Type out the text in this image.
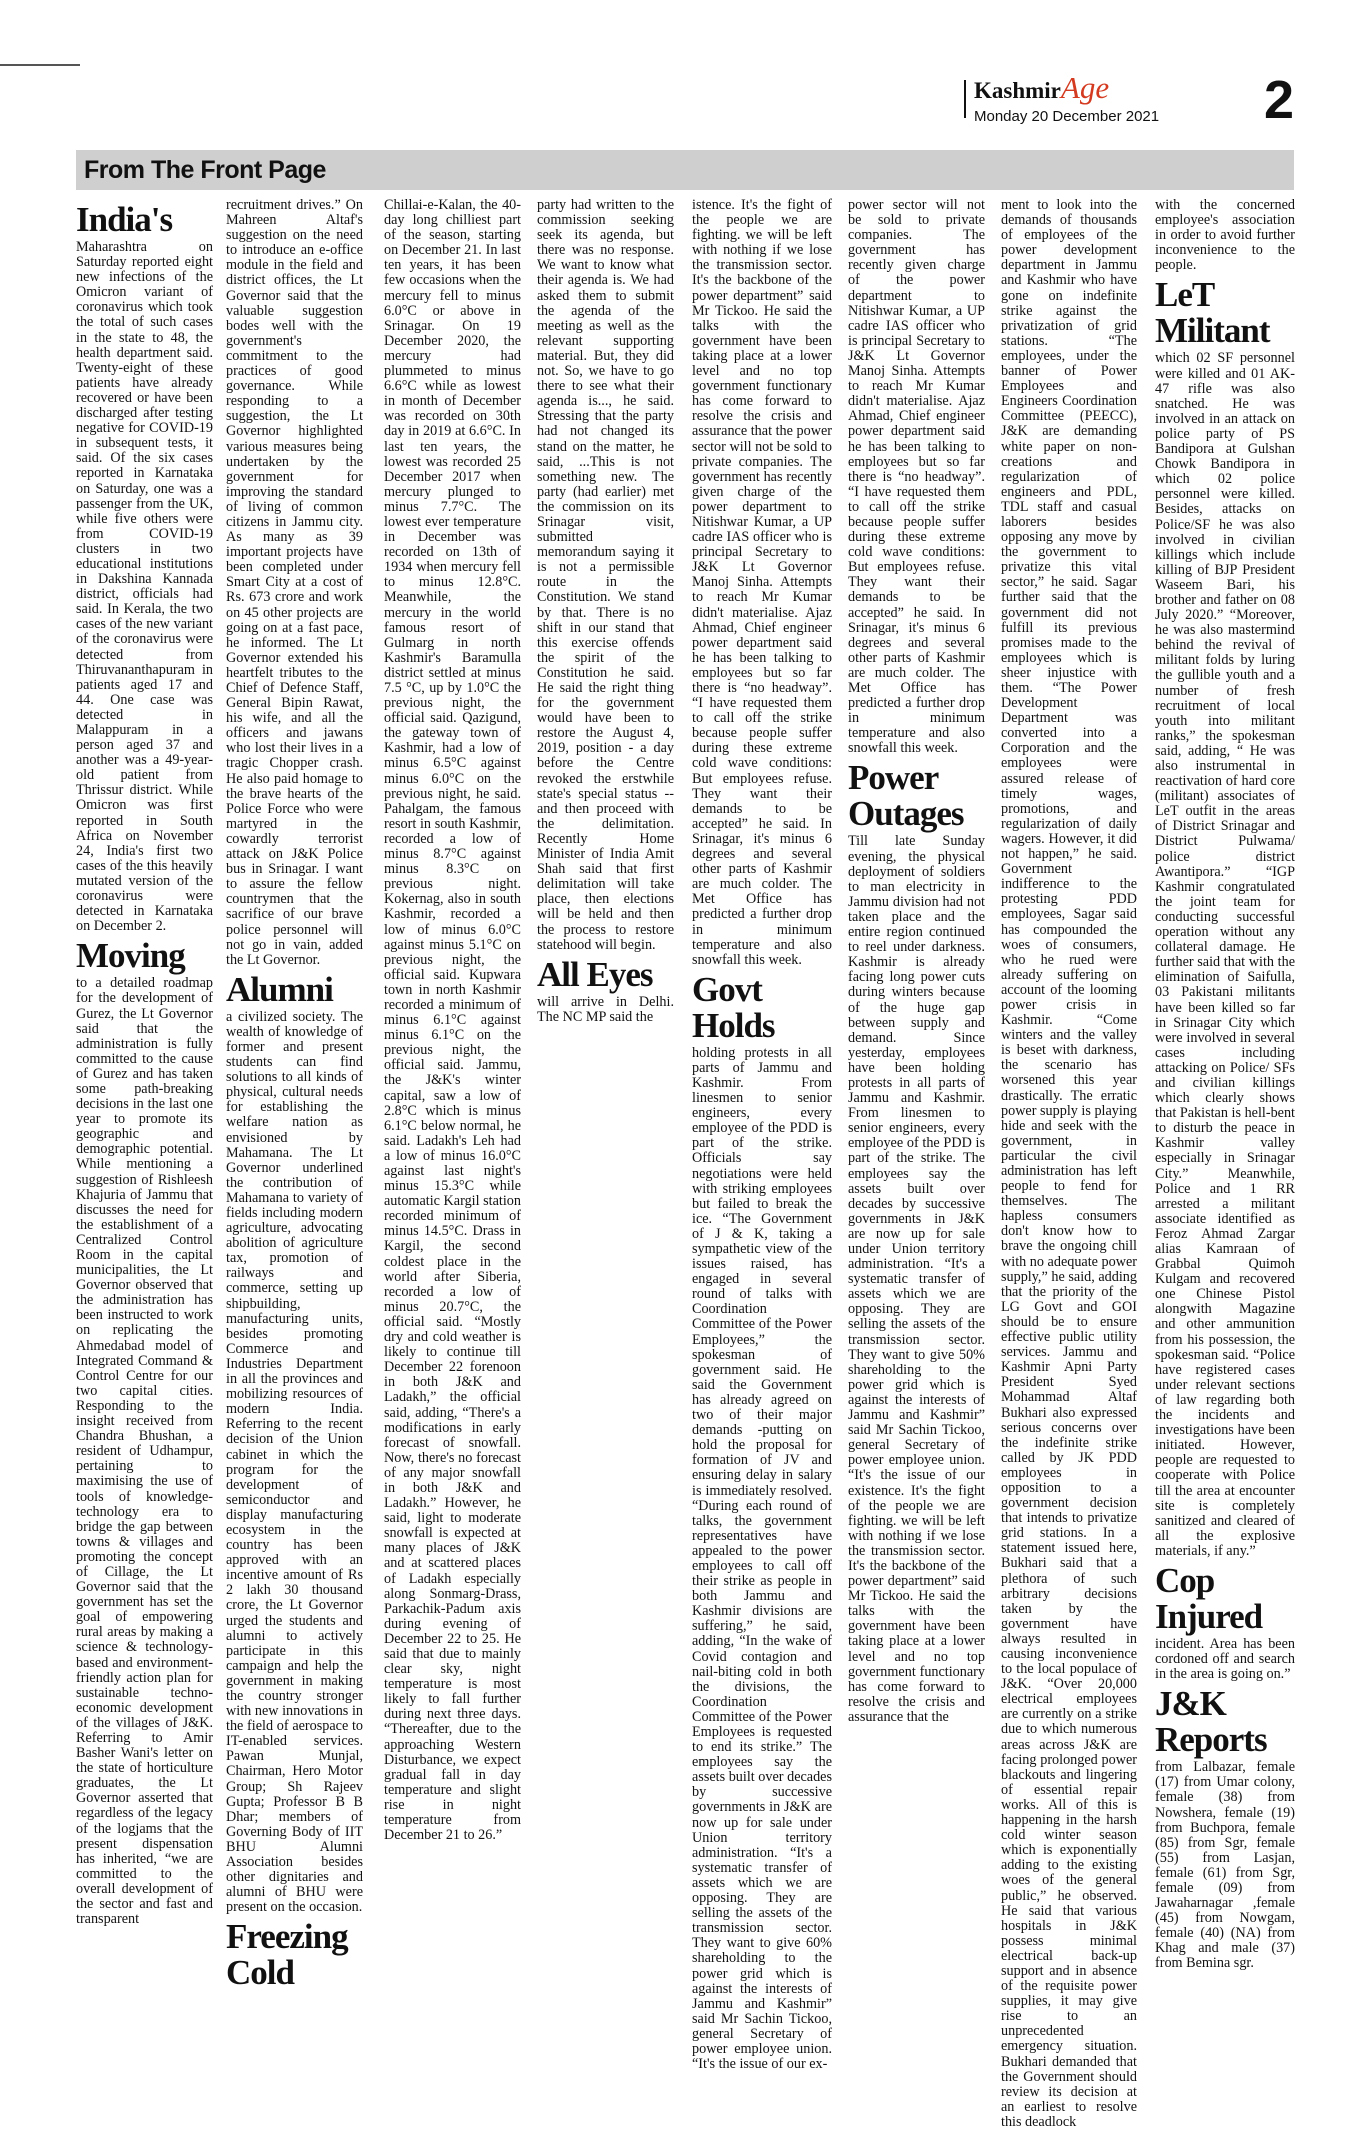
KashmirAge
Monday 20 December 2021 2
From The Front Page
India's

Maharashtra on Saturday reported eight new infections of the Omicron variant of coronavirus which took the total of such cases in the state to 48, the health department said. Twenty-eight of these patients have already recovered or have been discharged after testing negative for COVID-19 in subsequent tests, it said. Of the six cases reported in Karnataka on Saturday, one was a passenger from the UK, while five others were from COVID-19 clusters in two educational institutions in Dakshina Kannada district, officials had said. In Kerala, the two cases of the new variant of the coronavirus were detected from Thiruvananthapuram in patients aged 17 and 44. One case was detected in Malappuram in a person aged 37 and another was a 49-year-old patient from Thrissur district. While Omicron was first reported in South Africa on November 24, India's first two cases of the this heavily mutated version of the coronavirus were detected in Karnataka on December 2.

Moving

to a detailed roadmap for the development of Gurez, the Lt Governor said that the administration is fully committed to the cause of Gurez and has taken some path-breaking decisions in the last one year to promote its geographic and demographic potential. While mentioning a suggestion of Rishleesh Khajuria of Jammu that discusses the need for the establishment of a Centralized Control Room in the capital municipalities, the Lt Governor observed that the administration has been instructed to work on replicating the Ahmedabad model of Integrated Command & Control Centre for our two capital cities. Responding to the insight received from Chandra Bhushan, a resident of Udhampur, pertaining to maximising the use of tools of knowledge-technology era to bridge the gap between towns & villages and promoting the concept of Cillage, the Lt Governor said that the government has set the goal of empowering rural areas by making a science & technology-based and environment-friendly action plan for sustainable techno-economic development of the villages of J&K. Referring to Amir Basher Wani's letter on the state of horticulture graduates, the Lt Governor asserted that regardless of the legacy of the logjams that the present dispensation has inherited, “we are committed to the overall development of the sector and fast and transparent

recruitment drives.” On Mahreen Altaf's suggestion on the need to introduce an e-office module in the field and district offices, the Lt Governor said that the valuable suggestion bodes well with the government's commitment to the practices of good governance. While responding to a suggestion, the Lt Governor highlighted various measures being undertaken by the government for improving the standard of living of common citizens in Jammu city. As many as 39 important projects have been completed under Smart City at a cost of Rs. 673 crore and work on 45 other projects are going on at a fast pace, he informed. The Lt Governor extended his heartfelt tributes to the Chief of Defence Staff, General Bipin Rawat, his wife, and all the officers and jawans who lost their lives in a tragic Chopper crash. He also paid homage to the brave hearts of the Police Force who were martyred in the cowardly terrorist attack on J&K Police bus in Srinagar. I want to assure the fellow countrymen that the sacrifice of our brave police personnel will not go in vain, added the Lt Governor.

Alumni

a civilized society. The wealth of knowledge of former and present students can find solutions to all kinds of physical, cultural needs for establishing the welfare nation as envisioned by Mahamana. The Lt Governor underlined the contribution of Mahamana to variety of fields including modern agriculture, advocating abolition of agriculture tax, promotion of railways and commerce, setting up shipbuilding, manufacturing units, besides promoting Commerce and Industries Department in all the provinces and mobilizing resources of modern India. Referring to the recent decision of the Union cabinet in which the program for the development of semiconductor and display manufacturing ecosystem in the country has been approved with an incentive amount of Rs 2 lakh 30 thousand crore, the Lt Governor urged the students and alumni to actively participate in this campaign and help the government in making the country stronger with new innovations in the field of aerospace to IT-enabled services. Pawan Munjal, Chairman, Hero Motor Group; Sh Rajeev Gupta; Professor B B Dhar; members of Governing Body of IIT BHU Alumni Association besides other dignitaries and alumni of BHU were present on the occasion.

Freezing Cold

Chillai-e-Kalan, the 40-day long chilliest part of the season, starting on December 21. In last ten years, it has been few occasions when the mercury fell to minus 6.0°C or above in Srinagar. On 19 December 2020, the mercury had plummeted to minus 6.6°C while as lowest in month of December was recorded on 30th day in 2019 at 6.6°C. In last ten years, the lowest was recorded 25 December 2017 when mercury plunged to minus 7.7°C. The lowest ever temperature in December was recorded on 13th of 1934 when mercury fell to minus 12.8°C. Meanwhile, the mercury in the world famous resort of Gulmarg in north Kashmir's Baramulla district settled at minus 7.5 °C, up by 1.0°C the previous night, the official said. Qazigund, the gateway town of Kashmir, had a low of minus 6.5°C against minus 6.0°C on the previous night, he said. Pahalgam, the famous resort in south Kashmir, recorded a low of minus 8.7°C against minus 8.3°C on previous night. Kokernag, also in south Kashmir, recorded a low of minus 6.0°C against minus 5.1°C on previous night, the official said. Kupwara town in north Kashmir recorded a minimum of minus 6.1°C against minus 6.1°C on the previous night, the official said. Jammu, the J&K's winter capital, saw a low of 2.8°C which is minus 6.1°C below normal, he said. Ladakh's Leh had a low of minus 16.0°C against last night's minus 15.3°C while automatic Kargil station recorded minimum of minus 14.5°C. Drass in Kargil, the second coldest place in the world after Siberia, recorded a low of minus 20.7°C, the official said. “Mostly dry and cold weather is likely to continue till December 22 forenoon in both J&K and Ladakh,” the official said, adding, “There's a modifications in early forecast of snowfall. Now, there's no forecast of any major snowfall in both J&K and Ladakh.” However, he said, light to moderate snowfall is expected at many places of J&K and at scattered places of Ladakh especially along Sonmarg-Drass, Parkachik-Padum axis during evening of December 22 to 25. He said that due to mainly clear sky, night temperature is most likely to fall further during next three days. “Thereafter, due to the approaching Western Disturbance, we expect gradual fall in day temperature and slight rise in night temperature from December 21 to 26.”

party had written to the commission seeking seek its agenda, but there was no response. We want to know what their agenda is. We had asked them to submit the agenda of the meeting as well as the relevant supporting material. But, they did not. So, we have to go there to see what their agenda is..., he said. Stressing that the party had not changed its stand on the matter, he said, ...This is not something new. The party (had earlier) met the commission on its Srinagar visit, submitted memorandum saying it is not a permissible route in the Constitution. We stand by that. There is no shift in our stand that this exercise offends the spirit of the Constitution he said. He said the right thing for the government would have been to restore the August 4, 2019, position - a day before the Centre revoked the erstwhile state's special status -- and then proceed with the delimitation. Recently Home Minister of India Amit Shah said that first delimitation will take place, then elections will be held and then the process to restore statehood will begin.

All Eyes

will arrive in Delhi. The NC MP said the

istence. It's the fight of the people we are fighting. we will be left with nothing if we lose the transmission sector. It's the backbone of the power department” said Mr Tickoo. He said the talks with the government have been taking place at a lower level and no top government functionary has come forward to resolve the crisis and assurance that the power sector will not be sold to private companies. The government has recently given charge of the power department to Nitishwar Kumar, a UP cadre IAS officer who is principal Secretary to J&K Lt Governor Manoj Sinha. Attempts to reach Mr Kumar didn't materialise. Ajaz Ahmad, Chief engineer power department said he has been talking to employees but so far there is “no headway”. “I have requested them to call off the strike because people suffer during these extreme cold wave conditions: But employees refuse. They want their demands to be accepted” he said. In Srinagar, it's minus 6 degrees and several other parts of Kashmir are much colder. The Met Office has predicted a further drop in minimum temperature and also snowfall this week.

Govt Holds

holding protests in all parts of Jammu and Kashmir. From linesmen to senior engineers, every employee of the PDD is part of the strike. Officials say negotiations were held with striking employees but failed to break the ice. “The Government of J & K, taking a sympathetic view of the issues raised, has engaged in several round of talks with Coordination Committee of the Power Employees,” the spokesman of government said. He said the Government has already agreed on two of their major demands -putting on hold the proposal for formation of JV and ensuring delay in salary is immediately resolved. “During each round of talks, the government representatives have appealed to the power employees to call off their strike as people in both Jammu and Kashmir divisions are suffering,” he said, adding, “In the wake of Covid contagion and nail-biting cold in both the divisions, the Coordination Committee of the Power Employees is requested to end its strike.” The employees say the assets built over decades by successive governments in J&K are now up for sale under Union territory administration. “It's a systematic transfer of assets which we are opposing. They are selling the assets of the transmission sector. They want to give 60% shareholding to the power grid which is against the interests of Jammu and Kashmir” said Mr Sachin Tickoo, general Secretary of power employee union. “It's the issue of our ex-

power sector will not be sold to private companies. The government has recently given charge of the power department to Nitishwar Kumar, a UP cadre IAS officer who is principal Secretary to J&K Lt Governor Manoj Sinha. Attempts to reach Mr Kumar didn't materialise. Ajaz Ahmad, Chief engineer power department said he has been talking to employees but so far there is “no headway”. “I have requested them to call off the strike because people suffer during these extreme cold wave conditions: But employees refuse. They want their demands to be accepted” he said. In Srinagar, it's minus 6 degrees and several other parts of Kashmir are much colder. The Met Office has predicted a further drop in minimum temperature and also snowfall this week.

Power Outages

Till late Sunday evening, the physical deployment of soldiers to man electricity in Jammu division had not taken place and the entire region continued to reel under darkness. Kashmir is already facing long power cuts during winters because of the huge gap between supply and demand. Since yesterday, employees have been holding protests in all parts of Jammu and Kashmir. From linesmen to senior engineers, every employee of the PDD is part of the strike. The employees say the assets built over decades by successive governments in J&K are now up for sale under Union territory administration. “It's a systematic transfer of assets which we are opposing. They are selling the assets of the transmission sector. They want to give 50% shareholding to the power grid which is against the interests of Jammu and Kashmir” said Mr Sachin Tickoo, general Secretary of power employee union. “It's the issue of our existence. It's the fight of the people we are fighting. we will be left with nothing if we lose the transmission sector. It's the backbone of the power department” said Mr Tickoo. He said the talks with the government have been taking place at a lower level and no top government functionary has come forward to resolve the crisis and assurance that the

ment to look into the demands of thousands of employees of the power development department in Jammu and Kashmir who have gone on indefinite strike against the privatization of grid stations. “The employees, under the banner of Power Employees and Engineers Coordination Committee (PEECC), J&K are demanding white paper on non-creations and regularization of engineers and PDL, TDL staff and casual laborers besides opposing any move by the government to privatize this vital sector,” he said. Sagar further said that the government did not fulfill its previous promises made to the employees which is sheer injustice with them. “The Power Development Department was converted into a Corporation and the employees were assured release of timely wages, promotions, and regularization of daily wagers. However, it did not happen,” he said. Government indifference to the protesting PDD employees, Sagar said has compounded the woes of consumers, who he rued were already suffering on account of the looming power crisis in Kashmir. “Come winters and the valley is beset with darkness, the scenario has worsened this year drastically. The erratic power supply is playing hide and seek with the government, in particular the civil administration has left people to fend for themselves. The hapless consumers don't know how to brave the ongoing chill with no adequate power supply,” he said, adding that the priority of the LG Govt and GOI should be to ensure effective public utility services. Jammu and Kashmir Apni Party President Syed Mohammad Altaf Bukhari also expressed serious concerns over the indefinite strike called by JK PDD employees in opposition to a government decision that intends to privatize grid stations. In a statement issued here, Bukhari said that a plethora of such arbitrary decisions taken by the government have always resulted in causing inconvenience to the local populace of J&K. “Over 20,000 electrical employees are currently on a strike due to which numerous areas across J&K are facing prolonged power blackouts and lingering of essential repair works. All of this is happening in the harsh cold winter season which is exponentially adding to the existing woes of the general public,” he observed. He said that various hospitals in J&K possess minimal electrical back-up support and in absence of the requisite power supplies, it may give rise to an unprecedented emergency situation. Bukhari demanded that the Government should review its decision at an earliest to resolve this deadlock

with the concerned employee's association in order to avoid further inconvenience to the people.

LeT Militant

which 02 SF personnel were killed and 01 AK-47 rifle was also snatched. He was involved in an attack on police party of PS Bandipora at Gulshan Chowk Bandipora in which 02 police personnel were killed. Besides, attacks on Police/SF he was also involved in civilian killings which include killing of BJP President Waseem Bari, his brother and father on 08 July 2020.” “Moreover, he was also mastermind behind the revival of militant folds by luring the gullible youth and a number of fresh recruitment of local youth into militant ranks,” the spokesman said, adding, “ He was also instrumental in reactivation of hard core (militant) associates of LeT outfit in the areas of District Srinagar and District Pulwama/ police district Awantipora.” “IGP Kashmir congratulated the joint team for conducting successful operation without any collateral damage. He further said that with the elimination of Saifulla, 03 Pakistani militants have been killed so far in Srinagar City which were involved in several cases including attacking on Police/ SFs and civilian killings which clearly shows that Pakistan is hell-bent to disturb the peace in Kashmir valley especially in Srinagar City.” Meanwhile, Police and 1 RR arrested a militant associate identified as Feroz Ahmad Zargar alias Kamraan of Grabbal Quimoh Kulgam and recovered one Chinese Pistol alongwith Magazine and other ammunition from his possession, the spokesman said. “Police have registered cases under relevant sections of law regarding both the incidents and investigations have been initiated. However, people are requested to cooperate with Police till the area at encounter site is completely sanitized and cleared of all the explosive materials, if any.”

Cop Injured

incident. Area has been cordoned off and search in the area is going on.”

J&K Reports

from Lalbazar, female (17) from Umar colony, female (38) from Nowshera, female (19) from Buchpora, female (85) from Sgr, female (55) from Lasjan, female (61) from Sgr, female (09) from Jawaharnagar ,female (45) from Nowgam, female (40) (NA) from Khag and male (37) from Bemina sgr.
